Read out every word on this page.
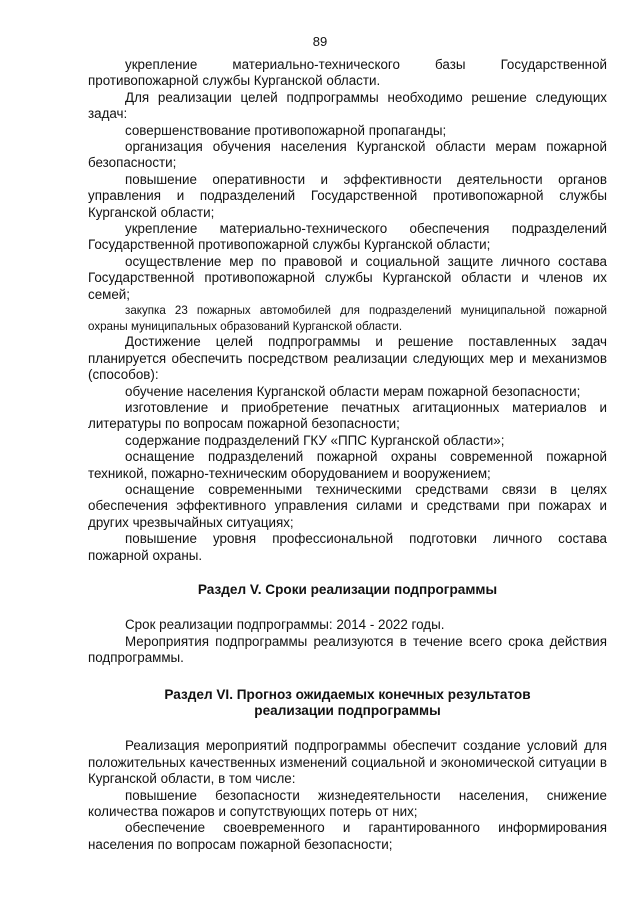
89

укрепление материально-технического базы Государственной противопожарной службы Курганской области.

Для реализации целей подпрограммы необходимо решение следующих задач:

совершенствование противопожарной пропаганды;

организация обучения населения Курганской области мерам пожарной безопасности;

повышение оперативности и эффективности деятельности органов управления и подразделений Государственной противопожарной службы Курганской области;

укрепление материально-технического обеспечения подразделений Государственной противопожарной службы Курганской области;

осуществление мер по правовой и социальной защите личного состава Государственной противопожарной службы Курганской области и членов их семей;

закупка 23 пожарных автомобилей для подразделений муниципальной пожарной охраны муниципальных образований Курганской области.

Достижение целей подпрограммы и решение поставленных задач планируется обеспечить посредством реализации следующих мер и механизмов (способов):

обучение населения Курганской области мерам пожарной безопасности;

изготовление и приобретение печатных агитационных материалов и литературы по вопросам пожарной безопасности;

содержание подразделений ГКУ «ППС Курганской области»;

оснащение подразделений пожарной охраны современной пожарной техникой, пожарно-техническим оборудованием и вооружением;

оснащение современными техническими средствами связи в целях обеспечения эффективного управления силами и средствами при пожарах и других чрезвычайных ситуациях;

повышение уровня профессиональной подготовки личного состава пожарной охраны.

Раздел V. Сроки реализации подпрограммы

Срок реализации подпрограммы: 2014 - 2022 годы.

Мероприятия подпрограммы реализуются в течение всего срока действия подпрограммы.

Раздел VI. Прогноз ожидаемых конечных результатов

реализации подпрограммы

Реализация мероприятий подпрограммы обеспечит создание условий для положительных качественных изменений социальной и экономической ситуации в Курганской области, в том числе:

повышение безопасности жизнедеятельности населения, снижение количества пожаров и сопутствующих потерь от них;

обеспечение своевременного и гарантированного информирования населения по вопросам пожарной безопасности;
